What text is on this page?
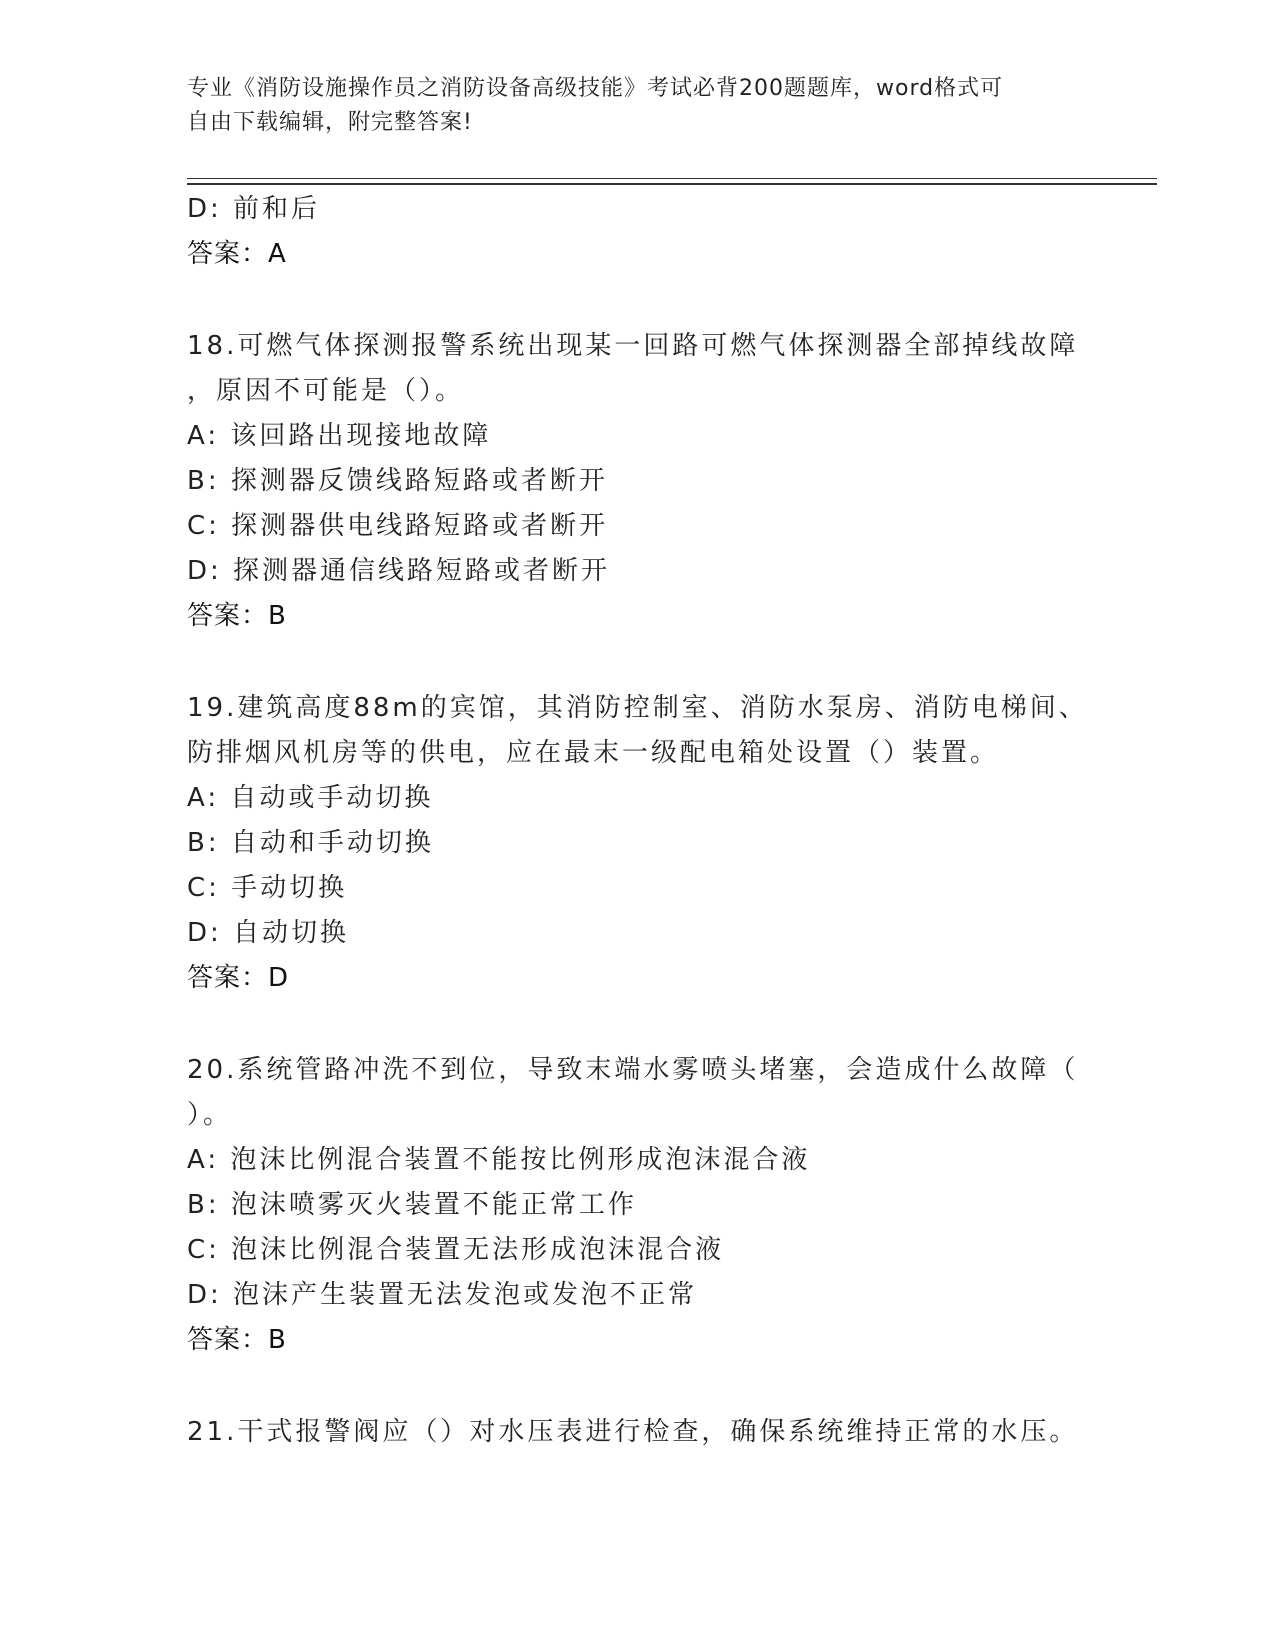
专业《消防设施操作员之消防设备高级技能》考试必背200题题库，word格式可
自由下载编辑，附完整答案!
D: 前和后
答案：A
18.可燃气体探测报警系统出现某一回路可燃气体探测器全部掉线故障
，原因不可能是（）。
A: 该回路出现接地故障
B: 探测器反馈线路短路或者断开
C: 探测器供电线路短路或者断开
D: 探测器通信线路短路或者断开
答案：B
19.建筑高度88m的宾馆，其消防控制室、消防水泵房、消防电梯间、
防排烟风机房等的供电，应在最末一级配电箱处设置（）装置。
A: 自动或手动切换
B: 自动和手动切换
C: 手动切换
D: 自动切换
答案：D
20.系统管路冲洗不到位，导致末端水雾喷头堵塞，会造成什么故障（
）。
A: 泡沫比例混合装置不能按比例形成泡沫混合液
B: 泡沫喷雾灭火装置不能正常工作
C: 泡沫比例混合装置无法形成泡沫混合液
D: 泡沫产生装置无法发泡或发泡不正常
答案：B
21.干式报警阀应（）对水压表进行检查，确保系统维持正常的水压。
